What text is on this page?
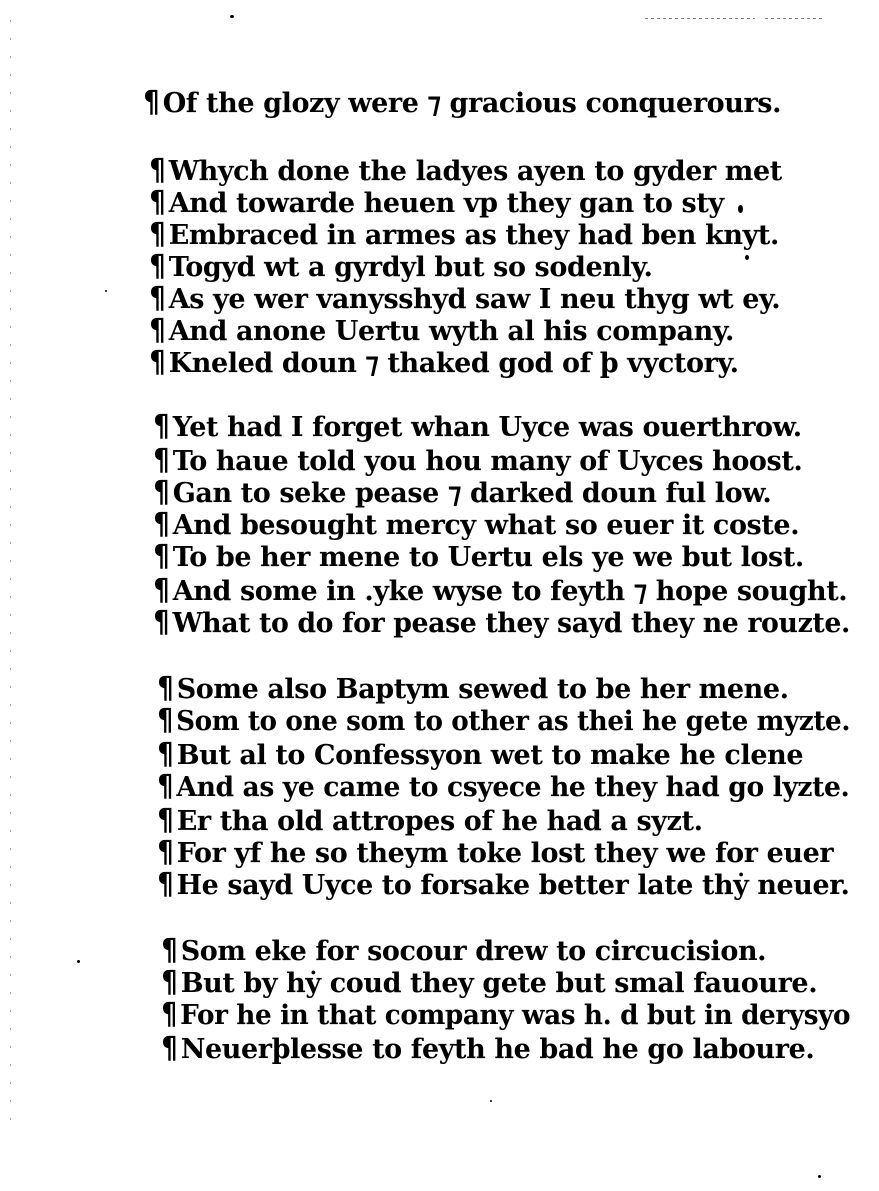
¶ Of the glozy were ⁊ gracious conquerours.
¶ Whych done the ladyes ayen to gyder met
¶ And towarde heuen vp they gan to sty
¶ Embraced in armes as they had ben knyt.
¶ Togyd wt a gyrdyl but so sodenly.
¶ As ye wer vanysshyd saw I neu thyg wt ey.
¶ And anone Uertu wyth al his company.
¶ Kneled doun ⁊ thaked god of þ vyctory.
¶ Yet had I forget whan Uyce was ouerthrow.
¶ To haue told you hou many of Uyces hoost.
¶ Gan to seke pease ⁊ darked doun ful low.
¶ And besought mercy what so euer it coste.
¶ To be her mene to Uertu els ye we but lost.
¶ And some in .yke wyse to feyth ⁊ hope sought.
¶ What to do for pease they sayd they ne rouzte.
¶ Some also Baptym sewed to be her mene.
¶ Som to one som to other as thei he gete myzte.
¶ But al to Confessyon wet to make he clene
¶ And as ye came to csyece he they had go lyzte.
¶ Er tha old attropes of he had a syzt.
¶ For yf he so theym toke lost they we for euer
¶ He sayd Uyce to forsake better late thẏ neuer.
¶ Som eke for socour drew to circucision.
¶ But by hẏ coud they gete but smal fauoure.
¶ For he in that company was h. d but in derysyo
¶ Neuerþlesse to feyth he bad he go laboure.
